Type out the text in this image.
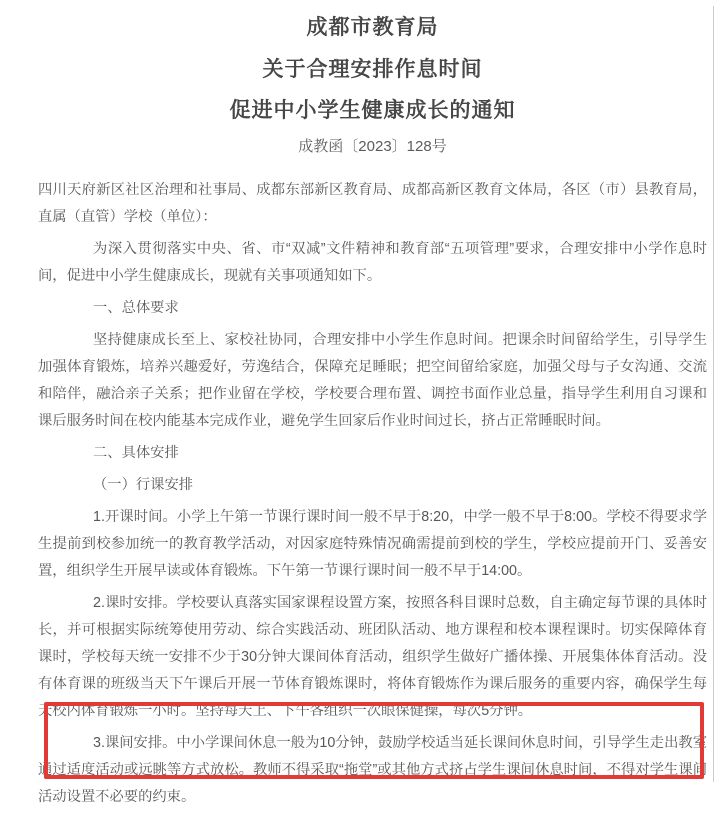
成都市教育局
关于合理安排作息时间
促进中小学生健康成长的通知
成教函〔2023〕128号

四川天府新区社区治理和社事局、成都东部新区教育局、成都高新区教育文体局，各区（市）县教育局，直属（直管）学校（单位）：

为深入贯彻落实中央、省、市“双减”文件精神和教育部“五项管理”要求，合理安排中小学作息时间，促进中小学生健康成长，现就有关事项通知如下。

一、总体要求

坚持健康成长至上、家校社协同，合理安排中小学生作息时间。把课余时间留给学生，引导学生加强体育锻炼，培养兴趣爱好，劳逸结合，保障充足睡眠；把空间留给家庭，加强父母与子女沟通、交流和陪伴，融洽亲子关系；把作业留在学校，学校要合理布置、调控书面作业总量，指导学生利用自习课和课后服务时间在校内能基本完成作业，避免学生回家后作业时间过长，挤占正常睡眠时间。

二、具体安排

（一）行课安排

1.开课时间。小学上午第一节课行课时间一般不早于8:20，中学一般不早于8:00。学校不得要求学生提前到校参加统一的教育教学活动，对因家庭特殊情况确需提前到校的学生，学校应提前开门、妥善安置，组织学生开展早读或体育锻炼。下午第一节课行课时间一般不早于14:00。

2.课时安排。学校要认真落实国家课程设置方案，按照各科目课时总数，自主确定每节课的具体时长，并可根据实际统筹使用劳动、综合实践活动、班团队活动、地方课程和校本课程课时。切实保障体育课时，学校每天统一安排不少于30分钟大课间体育活动，组织学生做好广播体操、开展集体体育活动。没有体育课的班级当天下午课后开展一节体育锻炼课时，将体育锻炼作为课后服务的重要内容，确保学生每天校内体育锻炼一小时。坚持每天上、下午各组织一次眼保健操，每次5分钟。

3.课间安排。中小学课间休息一般为10分钟，鼓励学校适当延长课间休息时间，引导学生走出教室通过适度活动或远眺等方式放松。教师不得采取“拖堂”或其他方式挤占学生课间休息时间，不得对学生课间活动设置不必要的约束。
